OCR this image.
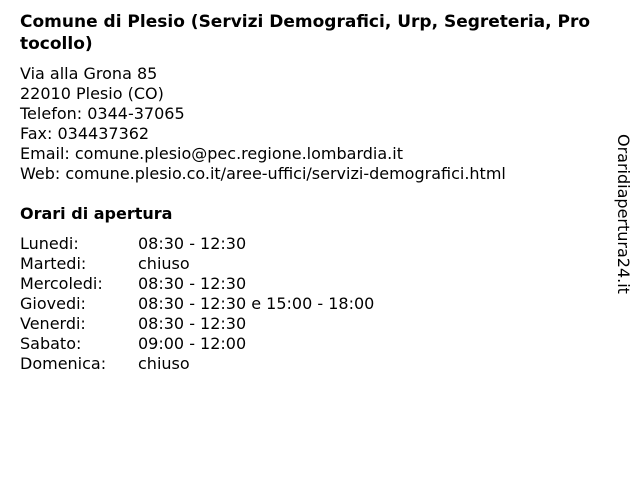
Comune di Plesio (Servizi Demografici, Urp, Segreteria, Protocollo)
Via alla Grona 85
22010 Plesio (CO)
Telefon: 0344-37065
Fax: 034437362
Email: comune.plesio@pec.regione.lombardia.it
Web: comune.plesio.co.it/aree-uffici/servizi-demografici.html
Orari di apertura
Lunedi:	08:30 - 12:30
Martedi:	chiuso
Mercoledi: 08:30 - 12:30
Giovedi:	08:30 - 12:30 e 15:00 - 18:00
Venerdi:	08:30 - 12:30
Sabato:	09:00 - 12:00
Domenica: chiuso
Oraridiapertura24.it
